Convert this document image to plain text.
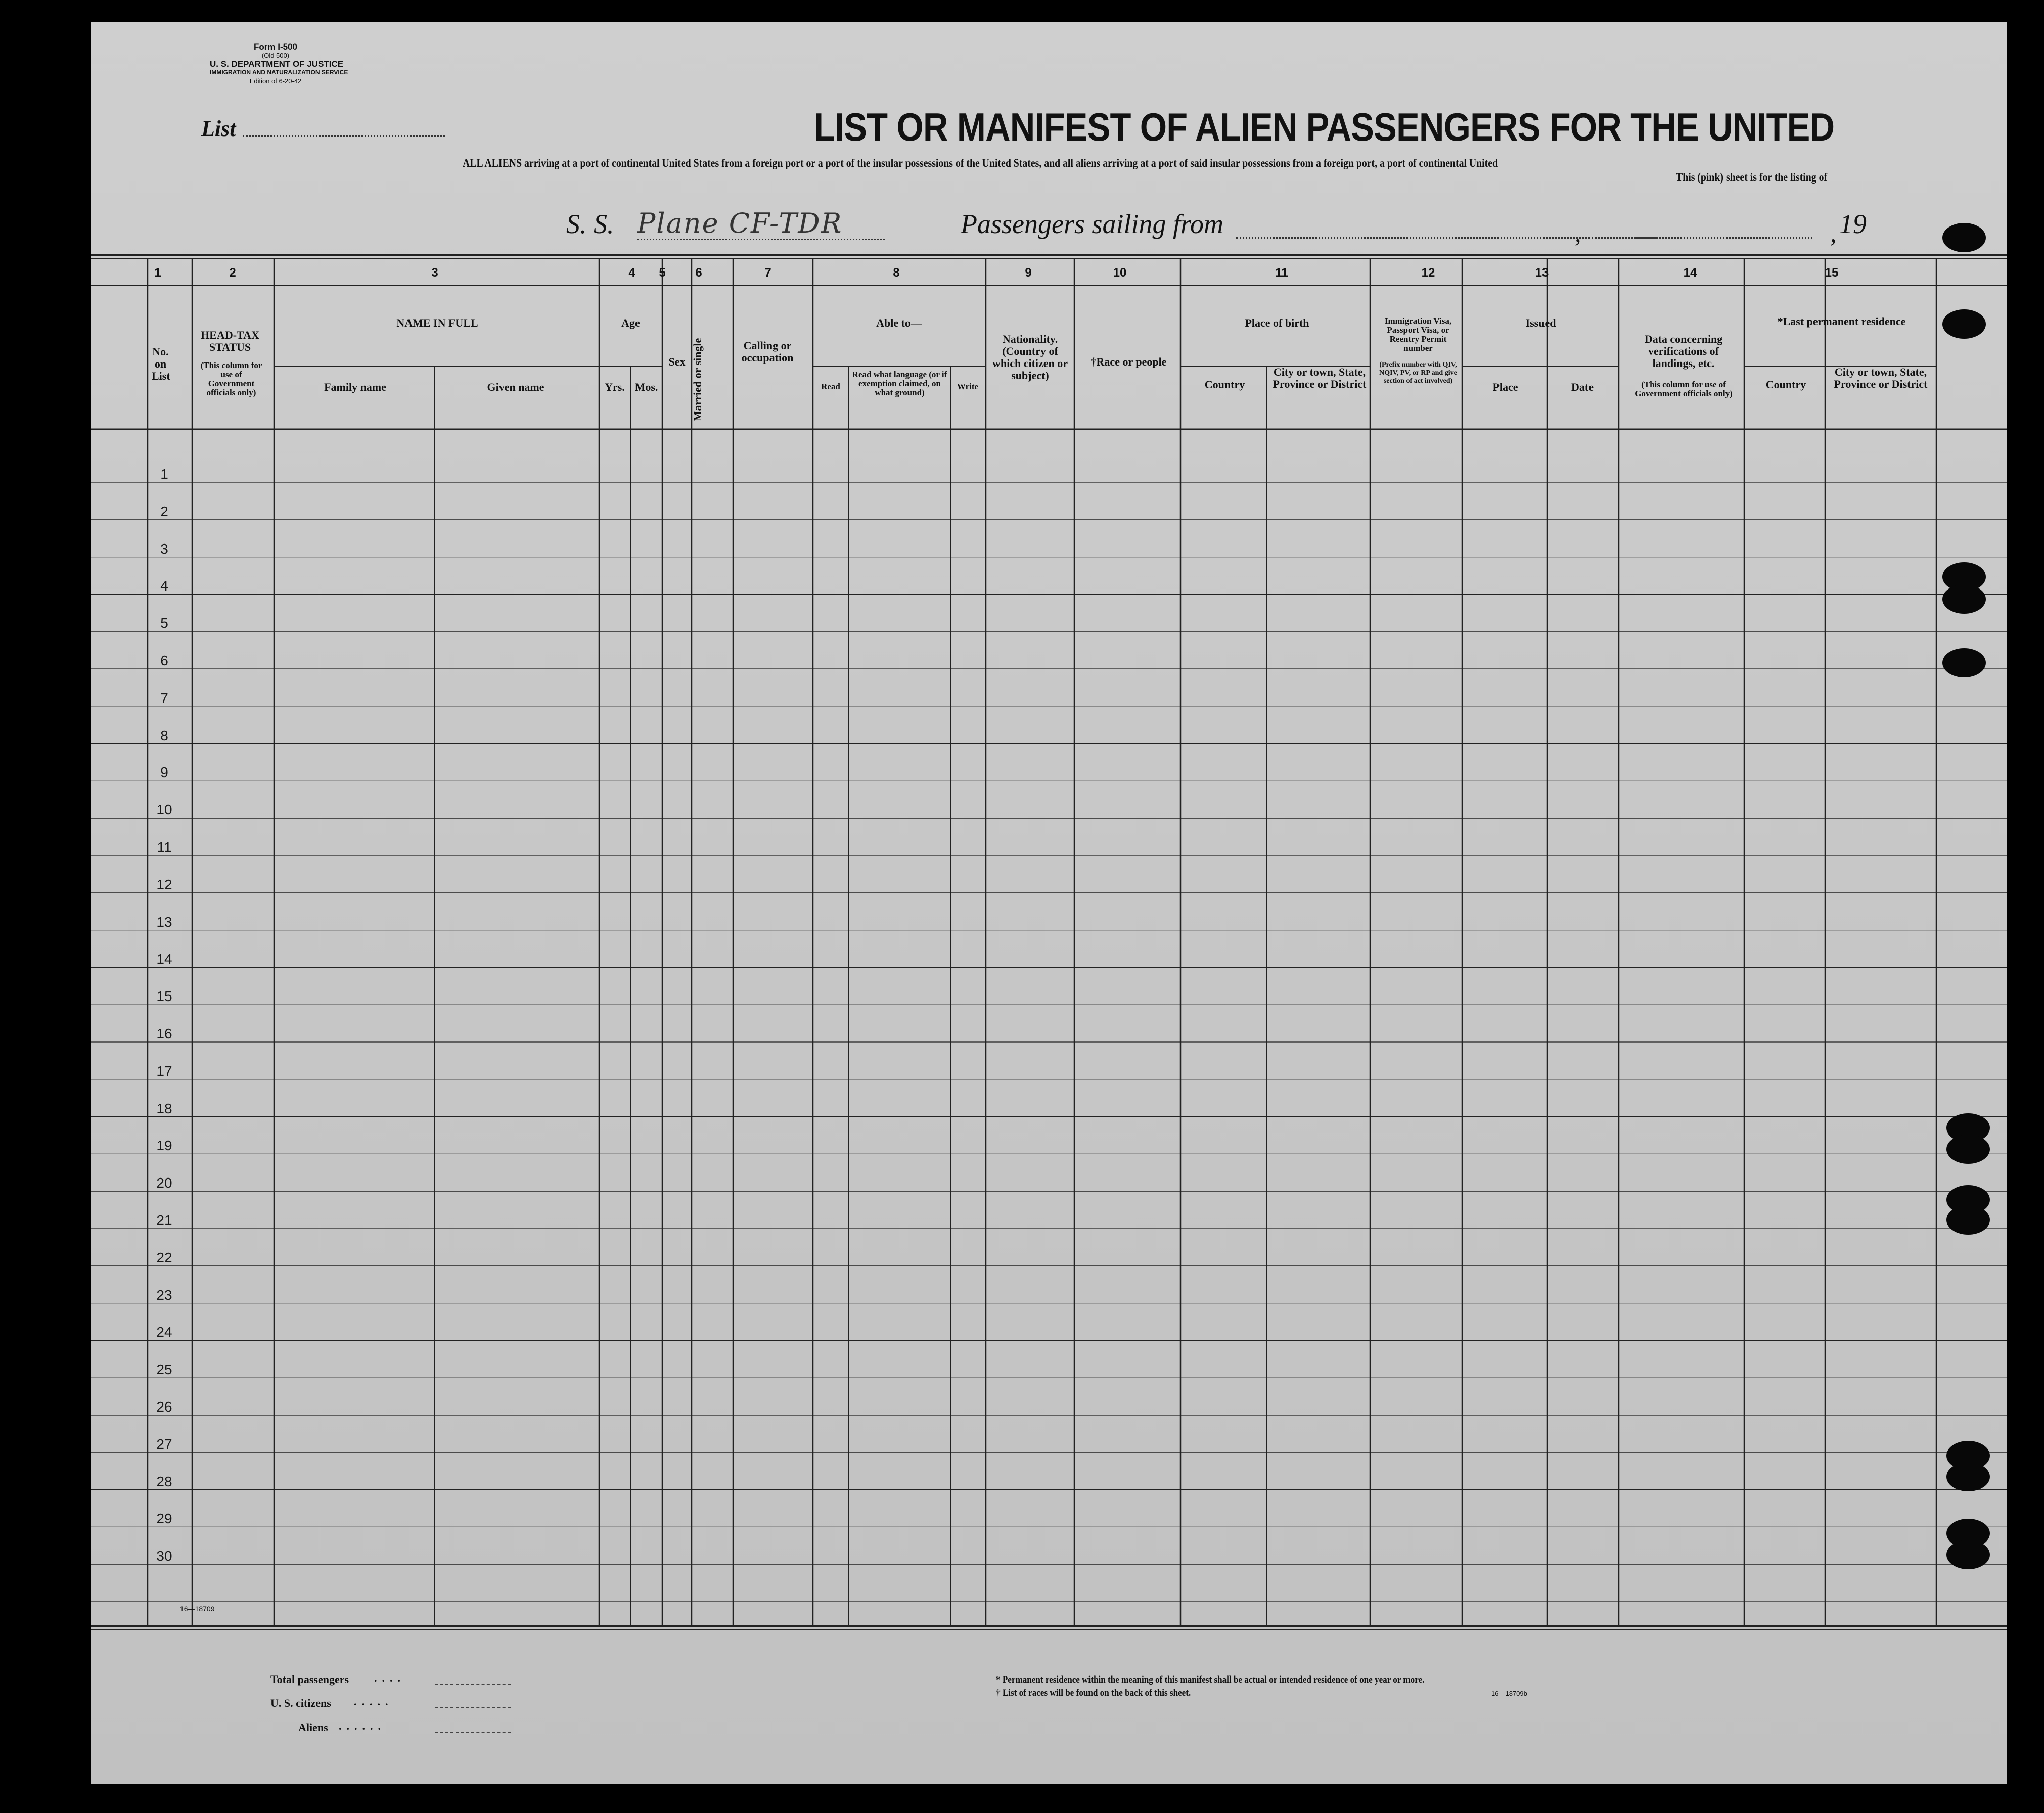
Form I-500
(Old 500)
U. S. DEPARTMENT OF JUSTICE
IMMIGRATION AND NATURALIZATION SERVICE
Edition of 6-20-42
List	LIST OR MANIFEST OF ALIEN PASSENGERS FOR THE UNITED
ALL ALIENS arriving at a port of continental United States from a foreign port or a port of the insular possessions of the United States, and all aliens arriving at a port of said insular possessions from a foreign port, a port of continental United
This (pink) sheet is for the listing of
S. S. Plane CF-TDR	Passengers sailing from	,	, 19
1	2	3	4	5	6	7	8	9	10	11	12	13	14	15
No. on List
HEAD-TAX STATUS
(This column for use of Government officials only)
NAME IN FULL
Family name	Given name
Age
Yrs. Mos.
Sex Married or single	Calling or occupation
Able to—
Read
Read what language (or if exemption claimed, on what ground)
Write
Nationality. (Country of which citizen or subject)
†Race or people
Place of birth
Country
City or town, State, Province or District
Immigration Visa, Passport Visa, or Reentry Permit number
(Prefix number with QIV, NQIV, PV, or RP and give section of act involved)
Issued
Place	Date
Data concerning verifications of landings, etc.
(This column for use of Government officials only)
*Last permanent residence
Country
City or town, State, Province or District
1
2
3
4
5
6
7
8
9
10
11
12
13
14
15
16
17
18
19
20
21
22
23
24
25
26
27
28
29
30
16—18709
Total passengers ....
U. S. citizens .....
Aliens ......
* Permanent residence within the meaning of this manifest shall be actual or intended residence of one year or more.
† List of races will be found on the back of this sheet.	16—18709b
